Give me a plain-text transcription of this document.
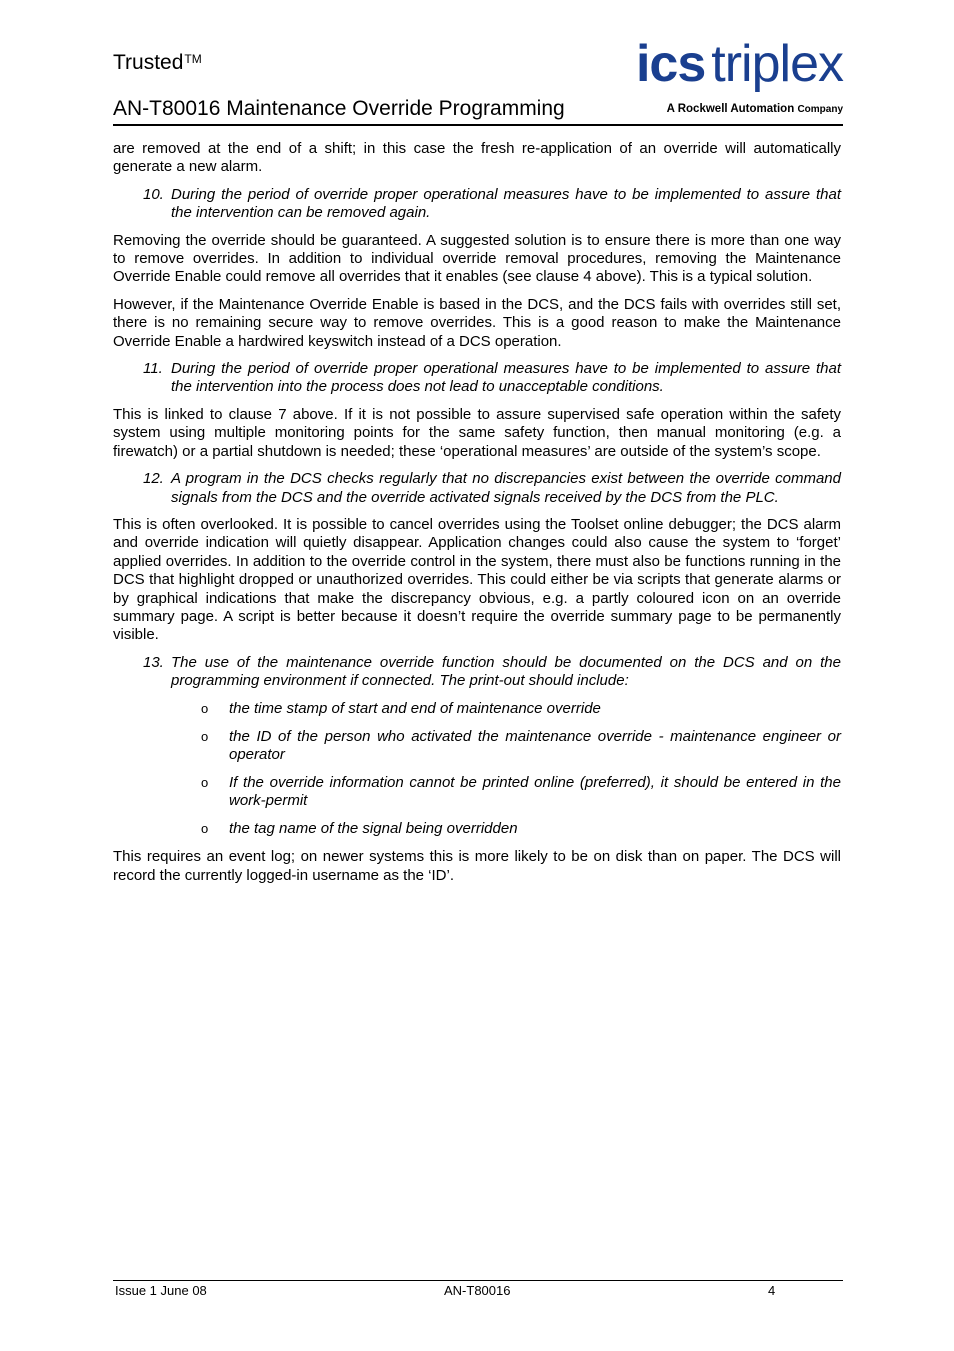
Trusted™
AN-T80016 Maintenance Override Programming
ics triplex
A Rockwell Automation Company

are removed at the end of a shift; in this case the fresh re-application of an override will automatically generate a new alarm.

10. During the period of override proper operational measures have to be implemented to assure that the intervention can be removed again.

Removing the override should be guaranteed. A suggested solution is to ensure there is more than one way to remove overrides. In addition to individual override removal procedures, removing the Maintenance Override Enable could remove all overrides that it enables (see clause 4 above). This is a typical solution.

However, if the Maintenance Override Enable is based in the DCS, and the DCS fails with overrides still set, there is no remaining secure way to remove overrides. This is a good reason to make the Maintenance Override Enable a hardwired keyswitch instead of a DCS operation.

11. During the period of override proper operational measures have to be implemented to assure that the intervention into the process does not lead to unacceptable conditions.

This is linked to clause 7 above. If it is not possible to assure supervised safe operation within the safety system using multiple monitoring points for the same safety function, then manual monitoring (e.g. a firewatch) or a partial shutdown is needed; these ‘operational measures’ are outside of the system’s scope.

12. A program in the DCS checks regularly that no discrepancies exist between the override command signals from the DCS and the override activated signals received by the DCS from the PLC.

This is often overlooked. It is possible to cancel overrides using the Toolset online debugger; the DCS alarm and override indication will quietly disappear. Application changes could also cause the system to ‘forget’ applied overrides. In addition to the override control in the system, there must also be functions running in the DCS that highlight dropped or unauthorized overrides. This could either be via scripts that generate alarms or by graphical indications that make the discrepancy obvious, e.g. a partly coloured icon on an override summary page. A script is better because it doesn’t require the override summary page to be permanently visible.

13. The use of the maintenance override function should be documented on the DCS and on the programming environment if connected. The print-out should include:
o the time stamp of start and end of maintenance override
o the ID of the person who activated the maintenance override - maintenance engineer or operator
o If the override information cannot be printed online (preferred), it should be entered in the work-permit
o the tag name of the signal being overridden

This requires an event log; on newer systems this is more likely to be on disk than on paper. The DCS will record the currently logged-in username as the ‘ID’.

Issue 1 June 08	AN-T80016	4
